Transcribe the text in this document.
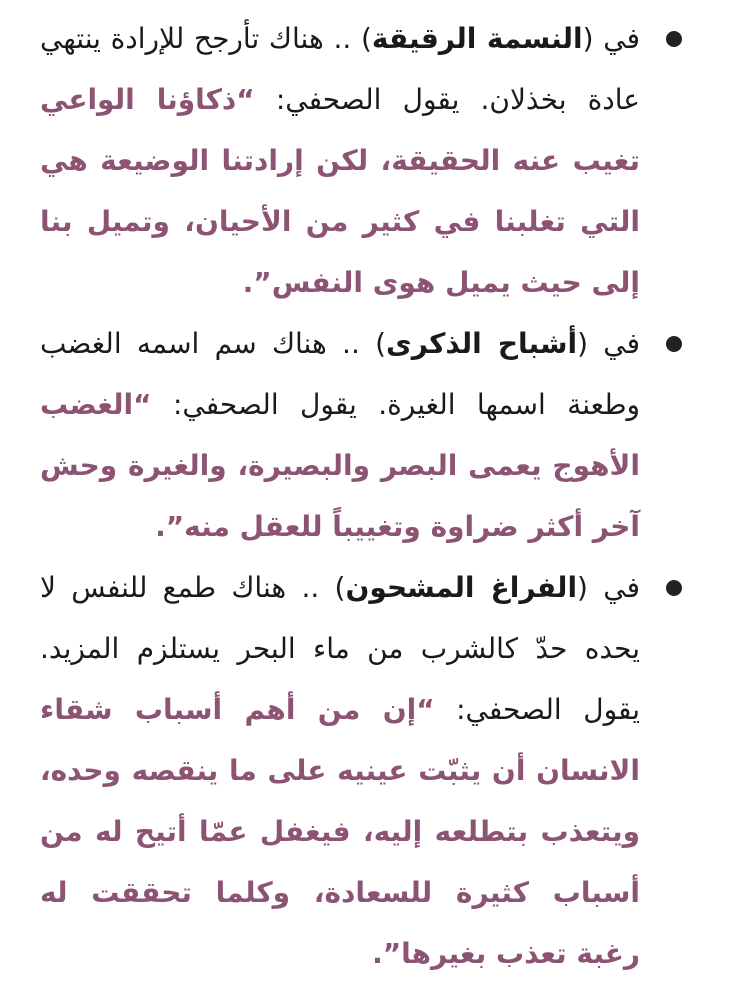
في (النسمة الرقيقة) .. هناك تأرجح للإرادة ينتهي عادة بخذلان. يقول الصحفي: “ذكاؤنا الواعي تغيب عنه الحقيقة، لكن إرادتنا الوضيعة هي التي تغلبنا في كثير من الأحيان، وتميل بنا إلى حيث يميل هوى النفس”.
في (أشباح الذكرى) .. هناك سم اسمه الغضب وطعنة اسمها الغيرة. يقول الصحفي: “الغضب الأهوج يعمى البصر والبصيرة، والغيرة وحش آخر أكثر ضراوة وتغييباً للعقل منه”.
في (الفراغ المشحون) .. هناك طمع للنفس لا يحده حدّ كالشرب من ماء البحر يستلزم المزيد. يقول الصحفي: “إن من أهم أسباب شقاء الانسان أن يثبّت عينيه على ما ينقصه وحده، ويتعذب بتطلعه إليه، فيغفل عمّا أتيح له من أسباب كثيرة للسعادة، وكلما تحققت له رغبة تعذب بغيرها”.
